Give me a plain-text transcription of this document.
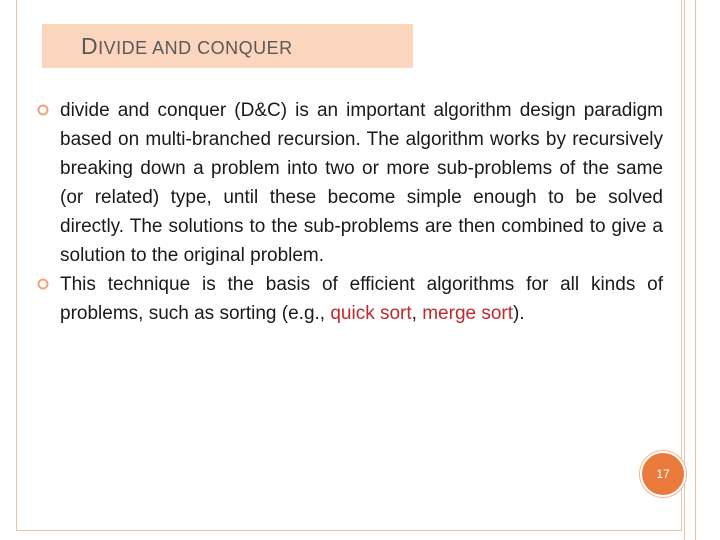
DIVIDE AND CONQUER
divide and conquer (D&C) is an important algorithm design paradigm based on multi-branched recursion. The algorithm works by recursively breaking down a problem into two or more sub-problems of the same (or related) type, until these become simple enough to be solved directly. The solutions to the sub-problems are then combined to give a solution to the original problem.
This technique is the basis of efficient algorithms for all kinds of problems, such as sorting (e.g., quick sort, merge sort).
17
